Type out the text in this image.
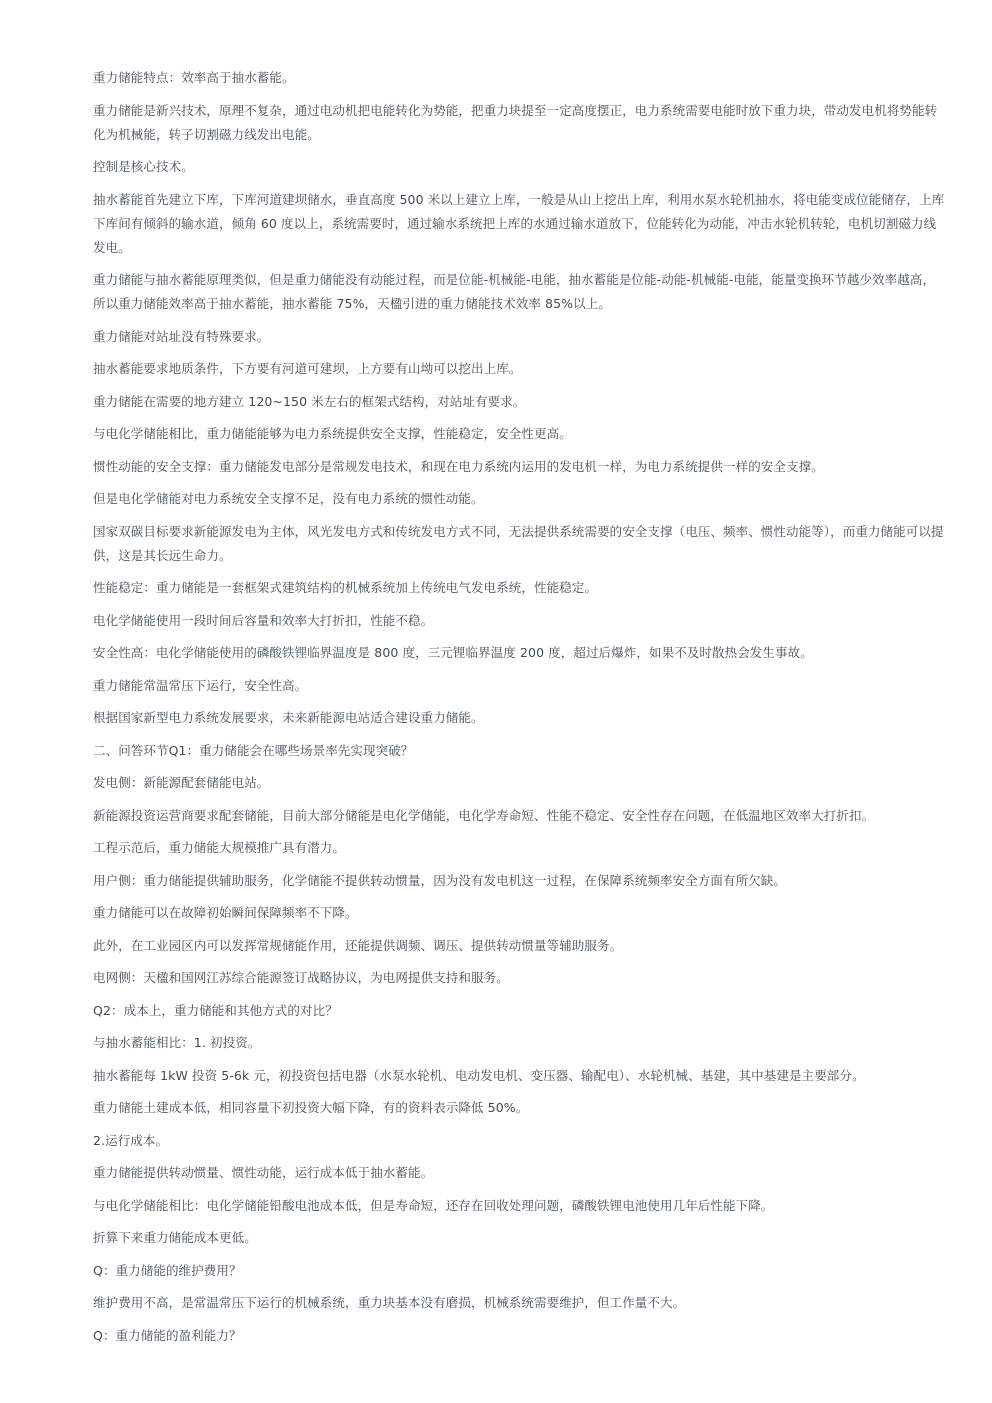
重力储能特点：效率高于抽水蓄能。

重力储能是新兴技术，原理不复杂，通过电动机把电能转化为势能，把重力块提至一定高度摆正，电力系统需要电能时放下重力块，带动发电机将势能转化为机械能，转子切割磁力线发出电能。

控制是核心技术。

抽水蓄能首先建立下库，下库河道建坝储水，垂直高度 500 米以上建立上库，一般是从山上挖出上库，利用水泵水轮机抽水，将电能变成位能储存，上库下库间有倾斜的输水道，倾角 60 度以上，系统需要时，通过输水系统把上库的水通过输水道放下，位能转化为动能，冲击水轮机转轮，电机切割磁力线发电。

重力储能与抽水蓄能原理类似，但是重力储能没有动能过程，而是位能-机械能-电能，抽水蓄能是位能-动能-机械能-电能，能量变换环节越少效率越高，所以重力储能效率高于抽水蓄能，抽水蓄能 75%，天楹引进的重力储能技术效率 85%以上。

重力储能对站址没有特殊要求。

抽水蓄能要求地质条件，下方要有河道可建坝，上方要有山坳可以挖出上库。

重力储能在需要的地方建立 120~150 米左右的框架式结构，对站址有要求。

与电化学储能相比，重力储能能够为电力系统提供安全支撑，性能稳定，安全性更高。

惯性动能的安全支撑：重力储能发电部分是常规发电技术，和现在电力系统内运用的发电机一样，为电力系统提供一样的安全支撑。

但是电化学储能对电力系统安全支撑不足，没有电力系统的惯性动能。

国家双碳目标要求新能源发电为主体，风光发电方式和传统发电方式不同，无法提供系统需要的安全支撑（电压、频率、惯性动能等），而重力储能可以提供，这是其长远生命力。

性能稳定：重力储能是一套框架式建筑结构的机械系统加上传统电气发电系统，性能稳定。

电化学储能使用一段时间后容量和效率大打折扣，性能不稳。

安全性高：电化学储能使用的磷酸铁锂临界温度是 800 度，三元锂临界温度 200 度，超过后爆炸，如果不及时散热会发生事故。

重力储能常温常压下运行，安全性高。

根据国家新型电力系统发展要求，未来新能源电站适合建设重力储能。

二、问答环节Q1：重力储能会在哪些场景率先实现突破？

发电侧：新能源配套储能电站。

新能源投资运营商要求配套储能，目前大部分储能是电化学储能，电化学寿命短、性能不稳定、安全性存在问题，在低温地区效率大打折扣。

工程示范后，重力储能大规模推广具有潜力。

用户侧：重力储能提供辅助服务，化学储能不提供转动惯量，因为没有发电机这一过程，在保障系统频率安全方面有所欠缺。

重力储能可以在故障初始瞬间保障频率不下降。

此外，在工业园区内可以发挥常规储能作用，还能提供调频、调压、提供转动惯量等辅助服务。

电网侧：天楹和国网江苏综合能源签订战略协议，为电网提供支持和服务。

Q2：成本上，重力储能和其他方式的对比？

与抽水蓄能相比：1. 初投资。

抽水蓄能每 1kW 投资 5-6k 元，初投资包括电器（水泵水轮机、电动发电机、变压器、输配电）、水轮机械、基建，其中基建是主要部分。

重力储能土建成本低，相同容量下初投资大幅下降，有的资料表示降低 50%。

2.运行成本。

重力储能提供转动惯量、惯性动能，运行成本低于抽水蓄能。

与电化学储能相比：电化学储能铅酸电池成本低，但是寿命短，还存在回收处理问题，磷酸铁锂电池使用几年后性能下降。

折算下来重力储能成本更低。

Q：重力储能的维护费用？

维护费用不高，是常温常压下运行的机械系统，重力块基本没有磨损，机械系统需要维护，但工作量不大。

Q：重力储能的盈利能力？
